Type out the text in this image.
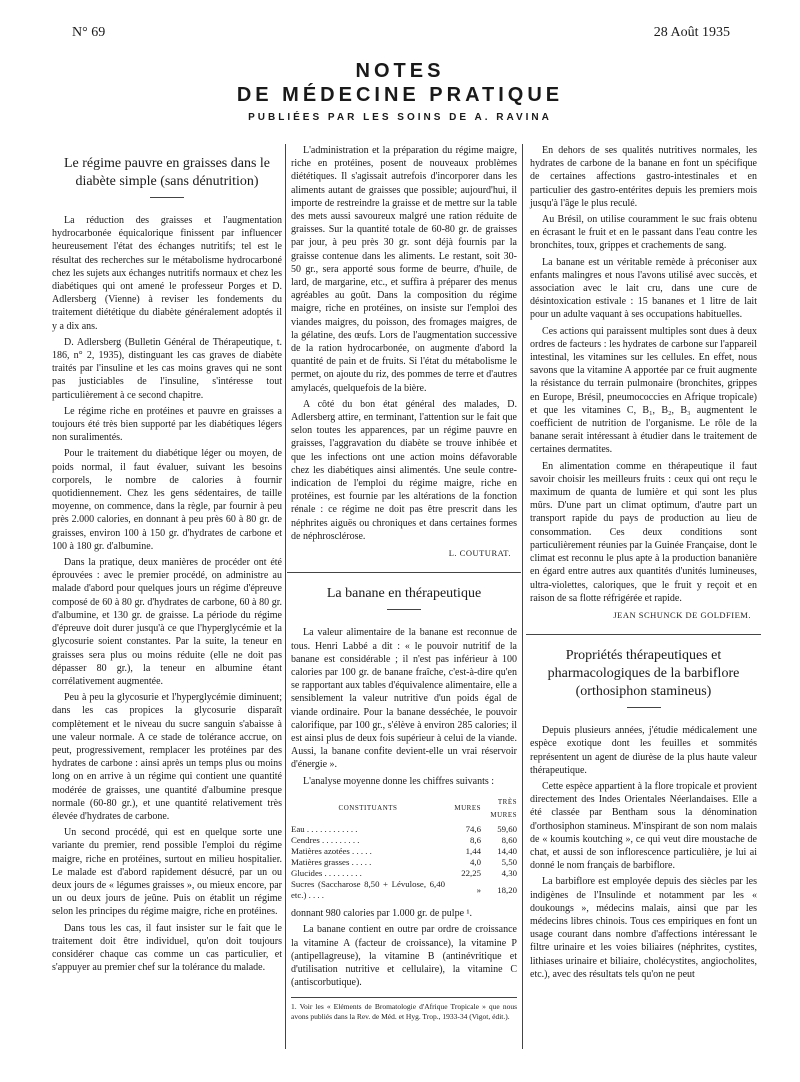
N° 69	28 Août 1935
NOTES
DE MÉDECINE PRATIQUE
PUBLIÉES PAR LES SOINS DE A. RAVINA
Le régime pauvre en graisses dans le diabète simple (sans dénutrition)

La réduction des graisses et l'augmentation hydrocarbonée équicalorique finissent par influencer heureusement l'état des échanges nutritifs; tel est le résultat des recherches sur le métabolisme hydrocarboné chez les sujets aux échanges nutritifs normaux et chez les diabétiques qui ont amené le professeur Porges et D. Adlersberg (Vienne) à reviser les fondements du traitement diététique du diabète généralement adoptés il y a dix ans.

D. Adlersberg (Bulletin Général de Thérapeutique, t. 186, n° 2, 1935), distinguant les cas graves de diabète traités par l'insuline et les cas moins graves qui ne sont pas justiciables de l'insuline, s'intéresse tout particulièrement à ce second chapitre.

Le régime riche en protéines et pauvre en graisses a toujours été très bien supporté par les diabétiques légers non suralimentés.

Pour le traitement du diabétique léger ou moyen, de poids normal, il faut évaluer, suivant les besoins corporels, le nombre de calories à fournir quotidiennement. Chez les gens sédentaires, de taille moyenne, on commence, dans la règle, par fournir à peu près 2.000 calories, en donnant à peu près 60 à 80 gr. de graisses, environ 100 à 150 gr. d'hydrates de carbone et 100 à 180 gr. d'albumine.

Dans la pratique, deux manières de procéder ont été éprouvées : avec le premier procédé, on administre au malade d'abord pour quelques jours un régime d'épreuve composé de 60 à 80 gr. d'hydrates de carbone, 60 à 80 gr. d'albumine, et 130 gr. de graisse. La période du régime d'épreuve doit durer jusqu'à ce que l'hyperglycémie et la glycosurie soient constantes. Par la suite, la teneur en graisses sera plus ou moins réduite (elle ne doit pas dépasser 80 gr.), la teneur en albumine étant corrélativement augmentée.

Peu à peu la glycosurie et l'hyperglycémie diminuent; dans les cas propices la glycosurie disparaît complètement et le niveau du sucre sanguin s'abaisse à une valeur normale. A ce stade de tolérance accrue, on peut, progressivement, remplacer les protéines par des hydrates de carbone : ainsi après un temps plus ou moins long on en arrive à un régime qui contient une quantité modérée de graisses, une quantité d'albumine presque normale (60-80 gr.), et une quantité relativement très élevée d'hydrates de carbone.

Un second procédé, qui est en quelque sorte une variante du premier, rend possible l'emploi du régime maigre, riche en protéines, surtout en milieu hospitalier. Le malade est d'abord rapidement désucré, par un ou deux jours de « légumes graisses », ou mieux encore, par un ou deux jours de jeûne. Puis on établit un régime selon les principes du régime maigre, riche en protéines.

Dans tous les cas, il faut insister sur le fait que le traitement doit être individuel, qu'on doit toujours considérer chaque cas comme un cas particulier, et s'appuyer au premier chef sur la tolérance du malade.

L'administration et la préparation du régime maigre, riche en protéines, posent de nouveaux problèmes diététiques. Il s'agissait autrefois d'incorporer dans les aliments autant de graisses que possible; aujourd'hui, il importe de restreindre la graisse et de mettre sur la table des mets aussi savoureux malgré une ration réduite de graisses. Sur la quantité totale de 60-80 gr. de graisses par jour, à peu près 30 gr. sont déjà fournis par la graisse contenue dans les aliments. Le restant, soit 30-50 gr., sera apporté sous forme de beurre, d'huile, de lard, de margarine, etc., et suffira à préparer des menus agréables au goût. Dans la composition du régime maigre, riche en protéines, on insiste sur l'emploi des viandes maigres, du poisson, des fromages maigres, de la gélatine, des œufs. Lors de l'augmentation successive de la ration hydrocarbonée, on augmente d'abord la quantité de pain et de fruits. Si l'état du métabolisme le permet, on ajoute du riz, des pommes de terre et d'autres amylacés, quelquefois de la bière.

A côté du bon état général des malades, D. Adlersberg attire, en terminant, l'attention sur le fait que selon toutes les apparences, par un régime pauvre en graisses, l'aggravation du diabète se trouve inhibée et que les infections ont une action moins défavorable chez les diabétiques ainsi alimentés. Une seule contre-indication de l'emploi du régime maigre, riche en protéines, est fournie par les altérations de la fonction rénale : ce régime ne doit pas être prescrit dans les néphrites aiguës ou chroniques et dans certaines formes de néphrosclérose.

L. COUTURAT.
La banane en thérapeutique

La valeur alimentaire de la banane est reconnue de tous. Henri Labbé a dit : « le pouvoir nutritif de la banane est considérable ; il n'est pas inférieur à 100 calories par 100 gr. de banane fraîche, c'est-à-dire qu'en se rapportant aux tables d'équivalence alimentaire, elle a sensiblement la valeur nutritive d'un poids égal de viande ordinaire. Pour la banane desséchée, le pouvoir calorifique, par 100 gr., s'élève à environ 285 calories; il est ainsi plus de deux fois supérieur à celui de la viande. Aussi, la banane confite devient-elle un vrai réservoir d'énergie ».

L'analyse moyenne donne les chiffres suivants :

CONSTITUANTS	MURES	TRÈS MURES
Eau . . . . . . . . . . . .	74,6	59,60
Cendres . . . . . . . . .	8,6	8,60
Matières azotées . . . . .	1,44	14,40
Matières grasses . . . . .	4,0	5,50
Glucides . . . . . . . . .	22,25	4,30
Sucres (Saccharose 8,50 + Lévulose, 6,40 etc.) . . . .	»	18,20

donnant 980 calories par 1.000 gr. de pulpe ¹.

La banane contient en outre par ordre de croissance la vitamine A (facteur de croissance), la vitamine P (antipellagreuse), la vitamine B (antinévritique et d'utilisation nutritive et cellulaire), la vitamine C (antiscorbutique).

1. Voir les « Eléments de Bromatologie d'Afrique Tropicale » que nous avons publiés dans la Rev. de Méd. et Hyg. Trop., 1933-34 (Vigot, édit.).

En dehors de ses qualités nutritives normales, les hydrates de carbone de la banane en font un spécifique de certaines affections gastro-intestinales et en particulier des gastro-entérites depuis les premiers mois jusqu'à l'âge le plus reculé.

Au Brésil, on utilise couramment le suc frais obtenu en écrasant le fruit et en le passant dans l'eau contre les bronchites, toux, grippes et crachements de sang.

La banane est un véritable remède à préconiser aux enfants malingres et nous l'avons utilisé avec succès, et association avec le lait cru, dans une cure de désintoxication estivale : 15 bananes et 1 litre de lait pour un adulte vaquant à ses occupations habituelles.

Ces actions qui paraissent multiples sont dues à deux ordres de facteurs : les hydrates de carbone sur l'appareil intestinal, les vitamines sur les cellules. En effet, nous savons que la vitamine A apportée par ce fruit augmente la résistance du terrain pulmonaire (bronchites, grippes en Europe, Brésil, pneumococcies en Afrique tropicale) et que les vitamines C, B₁, B₂, B₃ augmentent le coefficient de nutrition de l'organisme. Le rôle de la banane serait intéressant à étudier dans le traitement de certaines dermatites.

En alimentation comme en thérapeutique il faut savoir choisir les meilleurs fruits : ceux qui ont reçu le maximum de quanta de lumière et qui sont les plus mûrs. D'une part un climat optimum, d'autre part un transport rapide du pays de production au lieu de consommation. Ces deux conditions sont particulièrement réunies par la Guinée Française, dont le climat est reconnu le plus apte à la production bananière en égard entre autres aux quantités d'unités lumineuses, ultra-violettes, caloriques, que le fruit y reçoit et en raison de sa flotte réfrigérée et rapide.

JEAN SCHUNCK DE GOLDFIEM.
Propriétés thérapeutiques et pharmacologiques de la barbiflore (orthosiphon stamineus)

Depuis plusieurs années, j'étudie médicalement une espèce exotique dont les feuilles et sommités représentent un agent de diurèse de la plus haute valeur thérapeutique.

Cette espèce appartient à la flore tropicale et provient directement des Indes Orientales Néerlandaises. Elle a été classée par Bentham sous la dénomination d'orthosiphon stamineus. M'inspirant de son nom malais de « koumis koutching », ce qui veut dire moustache de chat, et aussi de son inflorescence particulière, je lui ai donné le nom français de barbiflore.

La barbiflore est employée depuis des siècles par les indigènes de l'Insulinde et notamment par les « doukoungs », médecins malais, ainsi que par les médecins libres chinois. Tous ces empiriques en font un usage courant dans nombre d'affections intéressant le filtre urinaire et les voies biliaires (néphrites, cystites, lithiases urinaire et biliaire, cholécystites, angiocholites, etc.), avec des résultats tels qu'on ne peut
